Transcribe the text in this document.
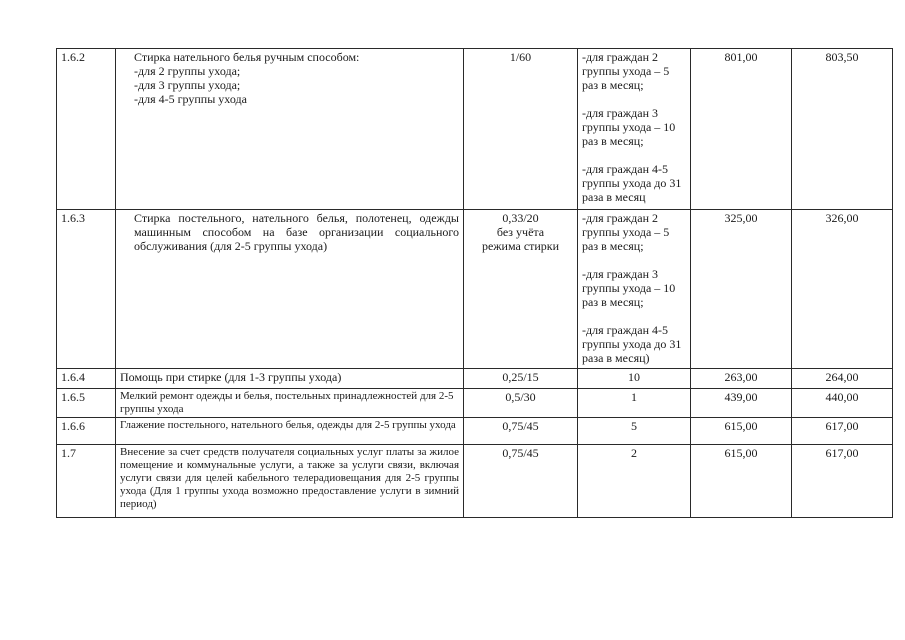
1.6.2	Стирка нательного белья ручным способом:
-для 2 группы ухода;
-для 3 группы ухода;
-для 4-5 группы ухода	1/60	-для граждан 2 группы ухода – 5 раз в месяц;
-для граждан 3 группы ухода – 10 раз в месяц;
-для граждан 4-5 группы ухода до 31 раза в месяц	801,00	803,50
1.6.3	Стирка постельного, нательного белья, полотенец, одежды машинным способом на базе организации социального обслуживания (для 2-5 группы ухода)	0,33/20
без учёта
режима стирки	-для граждан 2 группы ухода – 5 раз в месяц;
-для граждан 3 группы ухода – 10 раз в месяц;
-для граждан 4-5 группы ухода до 31 раза в месяц)	325,00	326,00
1.6.4	Помощь при стирке (для 1-3 группы ухода)	0,25/15	10	263,00	264,00
1.6.5	Мелкий ремонт одежды и белья, постельных принадлежностей для 2-5 группы ухода	0,5/30	1	439,00	440,00
1.6.6	Глажение постельного, нательного белья, одежды для 2-5 группы ухода	0,75/45	5	615,00	617,00
1.7	Внесение за счет средств получателя социальных услуг платы за жилое помещение и коммунальные услуги, а также за услуги связи, включая услуги связи для целей кабельного телерадиовещания для 2-5 группы ухода (Для 1 группы ухода возможно предоставление услуги в зимний период)	0,75/45	2	615,00	617,00
